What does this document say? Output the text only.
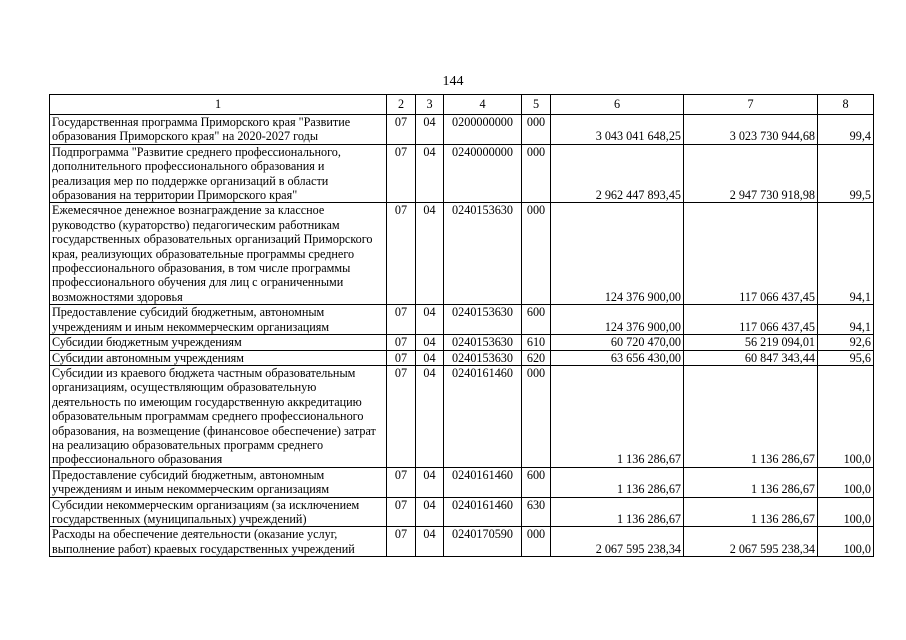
144
1	2	3	4	5	6	7	8
Государственная программа Приморского края "Развитие образования Приморского края" на 2020-2027 годы	07	04	0200000000	000	3 043 041 648,25	3 023 730 944,68	99,4
Подпрограмма "Развитие среднего профессионального, дополнительного профессионального образования и реализация мер по поддержке организаций в области образования на территории Приморского края"	07	04	0240000000	000	2 962 447 893,45	2 947 730 918,98	99,5
Ежемесячное денежное вознаграждение за классное руководство (кураторство) педагогическим работникам государственных образовательных организаций Приморского края, реализующих образовательные программы среднего профессионального образования, в том числе программы профессионального обучения для лиц с ограниченными возможностями здоровья	07	04	0240153630	000	124 376 900,00	117 066 437,45	94,1
Предоставление субсидий бюджетным, автономным учреждениям и иным некоммерческим организациям	07	04	0240153630	600	124 376 900,00	117 066 437,45	94,1
Субсидии бюджетным учреждениям	07	04	0240153630	610	60 720 470,00	56 219 094,01	92,6
Субсидии автономным учреждениям	07	04	0240153630	620	63 656 430,00	60 847 343,44	95,6
Субсидии из краевого бюджета частным образовательным организациям, осуществляющим образовательную деятельность по имеющим государственную аккредитацию образовательным программам среднего профессионального образования, на возмещение (финансовое обеспечение) затрат на реализацию образовательных программ среднего профессионального образования	07	04	0240161460	000	1 136 286,67	1 136 286,67	100,0
Предоставление субсидий бюджетным, автономным учреждениям и иным некоммерческим организациям	07	04	0240161460	600	1 136 286,67	1 136 286,67	100,0
Субсидии некоммерческим организациям (за исключением государственных (муниципальных) учреждений)	07	04	0240161460	630	1 136 286,67	1 136 286,67	100,0
Расходы на обеспечение деятельности (оказание услуг, выполнение работ) краевых государственных учреждений	07	04	0240170590	000	2 067 595 238,34	2 067 595 238,34	100,0
